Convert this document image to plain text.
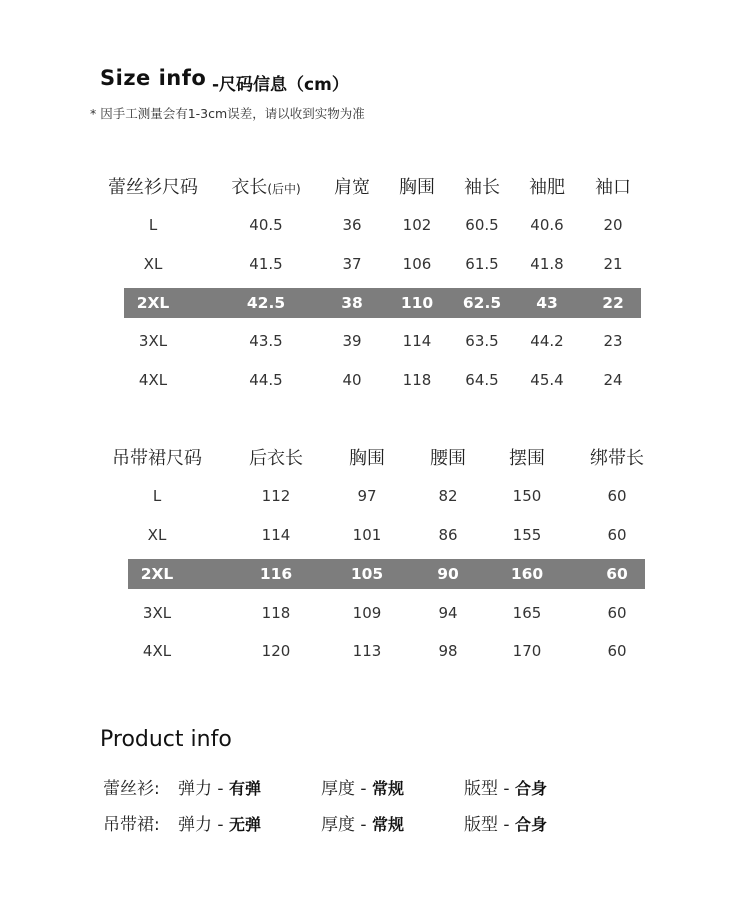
Size info -尺码信息（cm）
* 因手工测量会有1-3cm误差，请以收到实物为准
蕾丝衫尺码 衣长(后中) 肩宽 胸围 袖长 袖肥 袖口
L	40.5	36	102 60.5 40.6	20
XL	41.5	37	106 61.5 41.8	21
2XL	42.5	38 110 62.5 43	22
3XL	43.5	39	114 63.5 44.2	23
4XL	44.5	40	118 64.5 45.4	24
吊带裙尺码	后衣长	胸围	腰围 摆围	绑带长
L	112	97	82	150	60
XL	114	101	86	155	60
2XL	116	105	90	160	60
3XL	118	109	94	165	60
4XL	120	113	98	170	60
Product info
蕾丝衫: 弹力 - 有弹	厚度 - 常规	版型 - 合身
吊带裙: 弹力 - 无弹	厚度 - 常规	版型 - 合身
